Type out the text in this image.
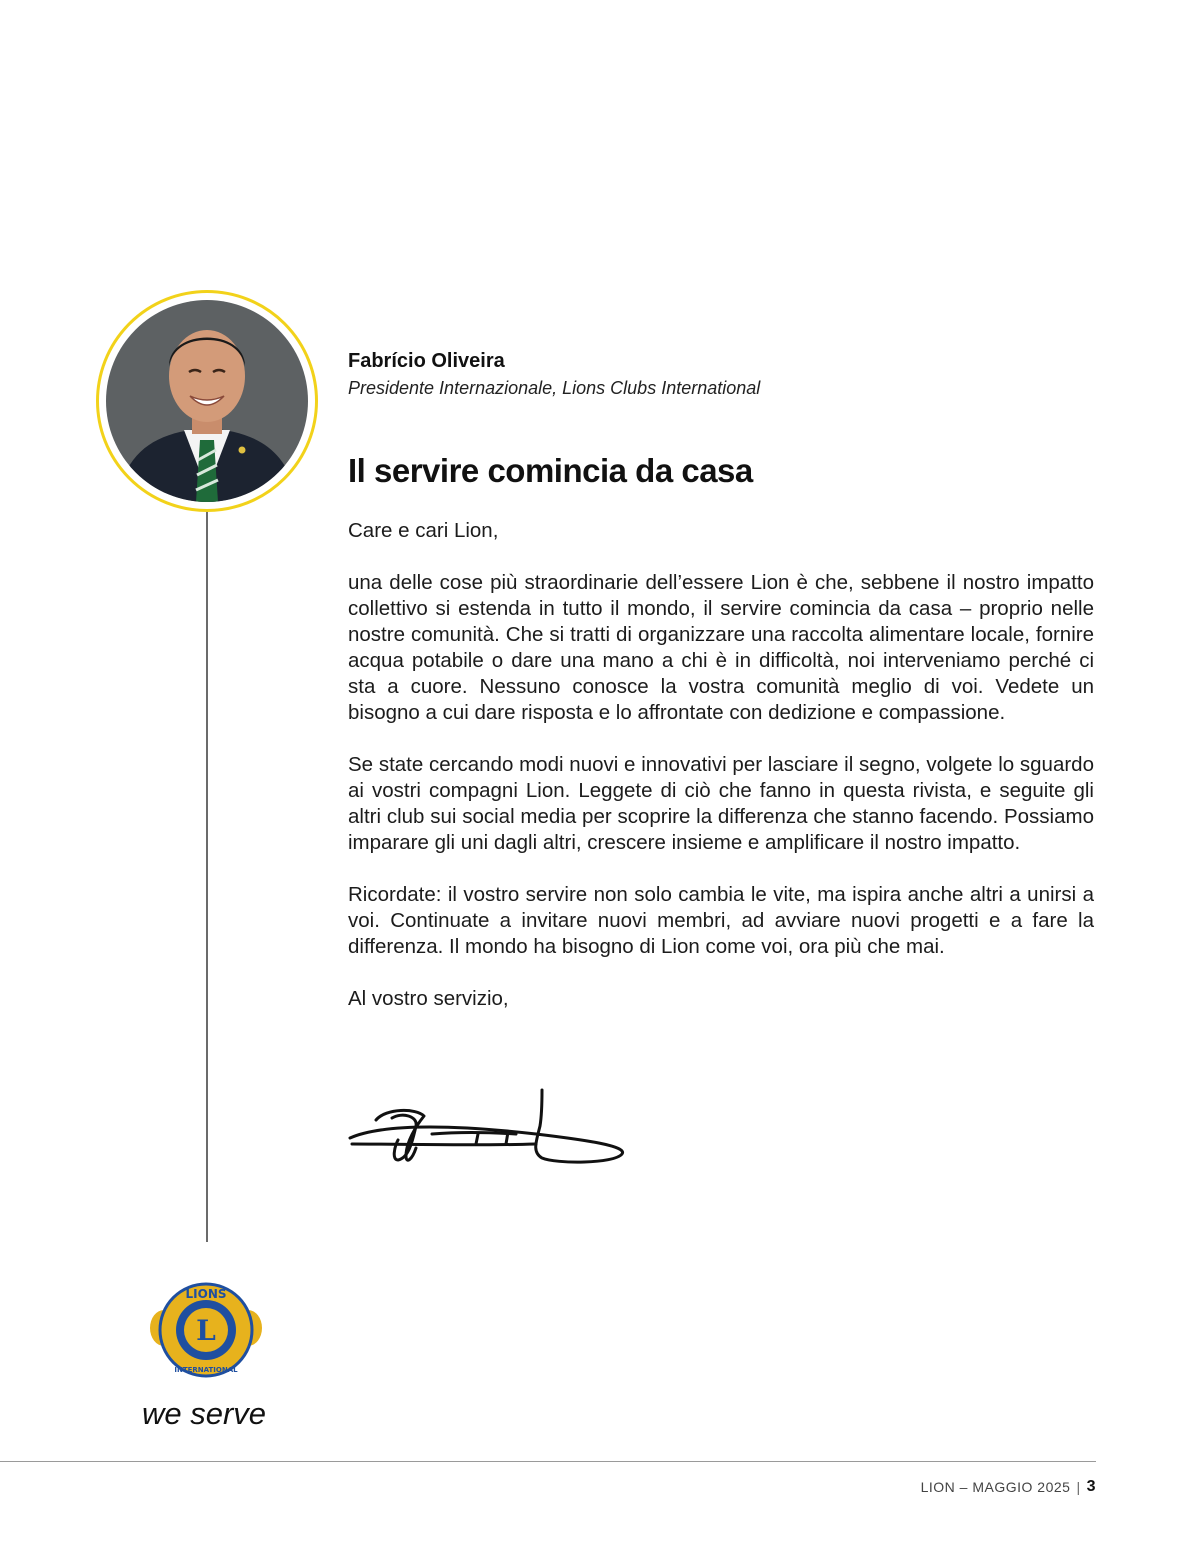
Fabrício Oliveira

Presidente Internazionale, Lions Clubs International

Il servire comincia da casa

Care e cari Lion,

una delle cose più straordinarie dell’essere Lion è che, sebbene il nostro impatto collettivo si estenda in tutto il mondo, il servire comincia da casa – proprio nelle nostre comunità. Che si tratti di organizzare una raccolta alimentare locale, fornire acqua potabile o dare una mano a chi è in difficoltà, noi interveniamo perché ci sta a cuore. Nessuno conosce la vostra comunità meglio di voi. Vedete un bisogno a cui dare risposta e lo affrontate con dedizione e compassione.

Se state cercando modi nuovi e innovativi per lasciare il segno, volgete lo sguardo ai vostri compagni Lion. Leggete di ciò che fanno in questa rivista, e seguite gli altri club sui social media per scoprire la differenza che stanno facendo. Possiamo imparare gli uni dagli altri, crescere insieme e amplificare il nostro impatto.

Ricordate: il vostro servire non solo cambia le vite, ma ispira anche altri a unirsi a voi. Continuate a invitare nuovi membri, ad avviare nuovi progetti e a fare la differenza. Il mondo ha bisogno di Lion come voi, ora più che mai.

Al vostro servizio,

L
LIONS
INTERNATIONAL

we serve

LION – MAGGIO 2025 | 3
